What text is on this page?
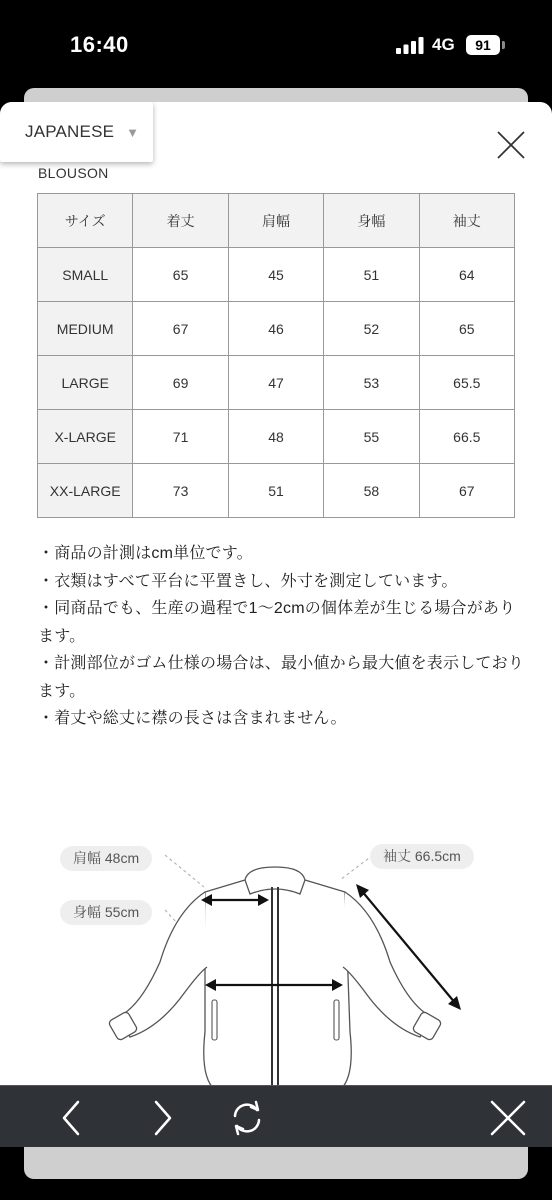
16:40	4G	91
JAPANESE ▼
BLOUSON
サイズ	着丈	肩幅	身幅	袖丈
SMALL	65	45	51	64
MEDIUM	67	46	52	65
LARGE	69	47	53	65.5
X-LARGE	71	48	55	66.5
XX-LARGE	73	51	58	67

・商品の計測はcm単位です。

・衣類はすべて平台に平置きし、外寸を測定しています。

・同商品でも、生産の過程で1〜2cmの個体差が生じる場合があります。

・計測部位がゴム仕様の場合は、最小値から最大値を表示しております。

・着丈や総丈に襟の長さは含まれません。

肩幅 48cm
身幅 55cm
袖丈 66.5cm
